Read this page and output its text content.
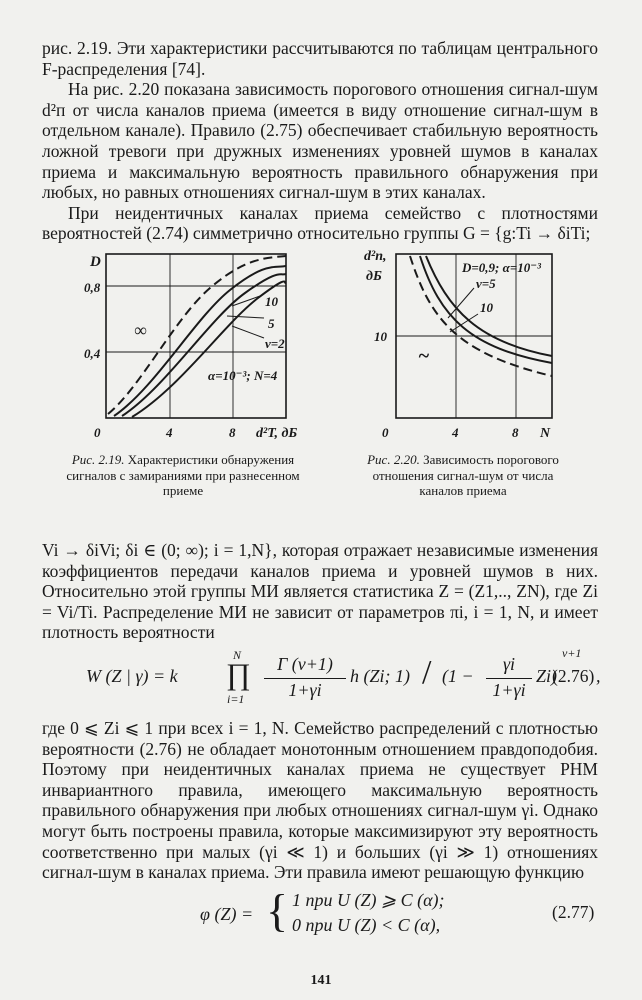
рис. 2.19. Эти характеристики рассчитываются по таблицам центрального F-распределения [74].

На рис. 2.20 показана зависимость порогового отношения сигнал-шум d²п от числа каналов приема (имеется в виду отношение сигнал-шум в отдельном канале). Правило (2.75) обеспечивает стабильную вероятность ложной тревоги при дружных изменениях уровней шумов в каналах приема и максимальную вероятность правильного обнаружения при любых, но равных отношениях сигнал-шум в этих каналах.

При неидентичных каналах приема семейство с плотностями вероятностей (2.74) симметрично относительно группы G = {g:Ti → δiTi;

D
0,8
0,4
0	4	8 d²T, дБ
∞
10
5
ν=2
α=10⁻³; N=4
Рис. 2.19. Характеристики обнаружения сигналов с замираниями при разнесенном приеме
d²п,
дБ
10
0	4	8 N
D=0,9; α=10⁻³
ν=5
10
~
Рис. 2.20. Зависимость порогового отношения сигнал-шум от числа каналов приема

Vi → δiVi; δi ∈ (0; ∞); i = 1,N}, которая отражает независимые изменения коэффициентов передачи каналов приема и уровней шумов в них. Относительно этой группы МИ является статистика Z = (Z1,.., ZN), где Zi = Vi/Ti. Распределение МИ не зависит от параметров πi, i = 1, N, и имеет плотность вероятности

W (Z | γ) = k
N
∏
i=1
Γ (ν+1)
1+γi
h (Zi; 1) / (1 −
γi
1+γi
Zi)
ν+1
,
(2.76)

где 0 ⩽ Zi ⩽ 1 при всех i = 1, N. Семейство распределений с плотностью вероятности (2.76) не обладает монотонным отношением правдоподобия. Поэтому при неидентичных каналах приема не существует РНМ инвариантного правила, имеющего максимальную вероятность правильного обнаружения при любых отношениях сигнал-шум γi. Однако могут быть построены правила, которые максимизируют эту вероятность соответственно при малых (γi ≪ 1) и больших (γi ≫ 1) отношениях сигнал-шум в каналах приема. Эти правила имеют решающую функцию

φ (Z) = { 1 при U (Z) ⩾ C (α);
0 при U (Z) < C (α),
(2.77)
141
